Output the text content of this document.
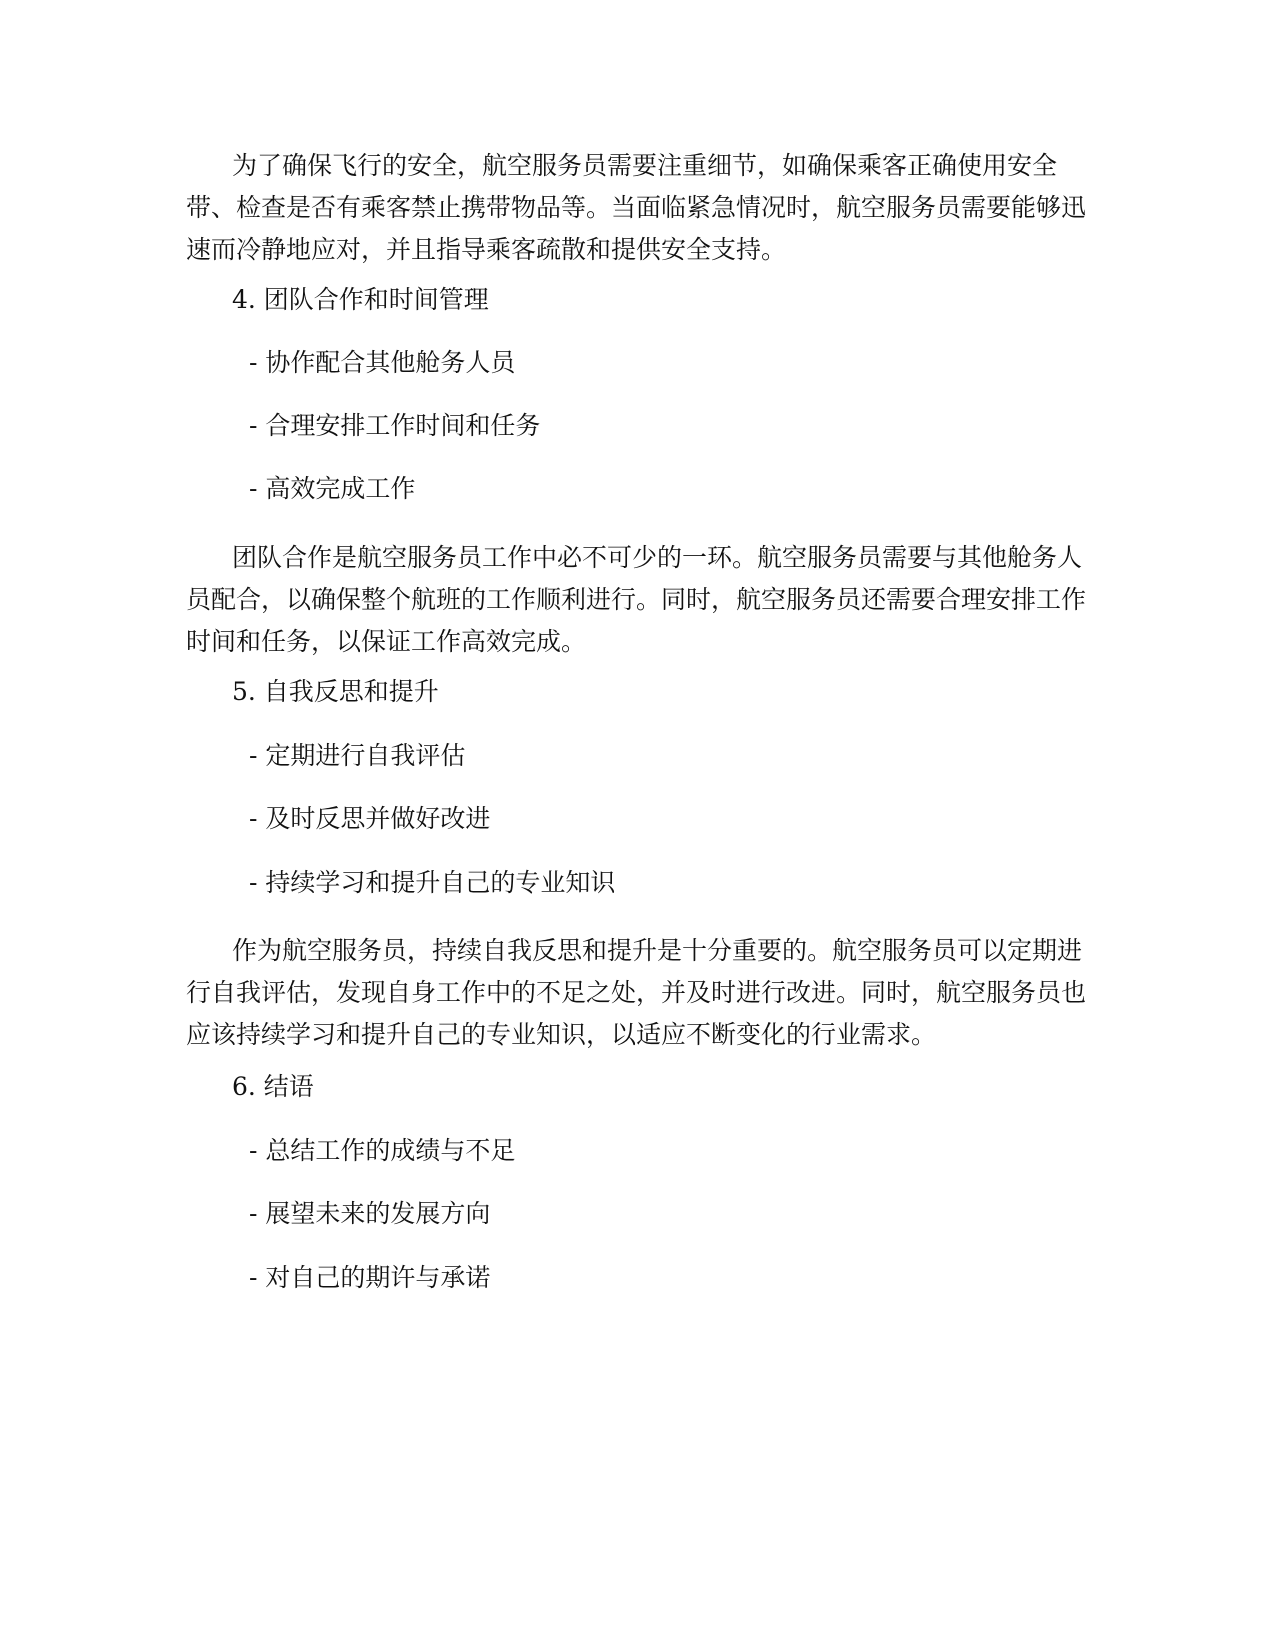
为了确保飞行的安全，航空服务员需要注重细节，如确保乘客正确使用安全带、检查是否有乘客禁止携带物品等。当面临紧急情况时，航空服务员需要能够迅速而冷静地应对，并且指导乘客疏散和提供安全支持。

4. 团队合作和时间管理

- 协作配合其他舱务人员

- 合理安排工作时间和任务

- 高效完成工作

团队合作是航空服务员工作中必不可少的一环。航空服务员需要与其他舱务人员配合，以确保整个航班的工作顺利进行。同时，航空服务员还需要合理安排工作时间和任务，以保证工作高效完成。

5. 自我反思和提升

- 定期进行自我评估

- 及时反思并做好改进

- 持续学习和提升自己的专业知识

作为航空服务员，持续自我反思和提升是十分重要的。航空服务员可以定期进行自我评估，发现自身工作中的不足之处，并及时进行改进。同时，航空服务员也应该持续学习和提升自己的专业知识，以适应不断变化的行业需求。

6. 结语

- 总结工作的成绩与不足

- 展望未来的发展方向

- 对自己的期许与承诺
